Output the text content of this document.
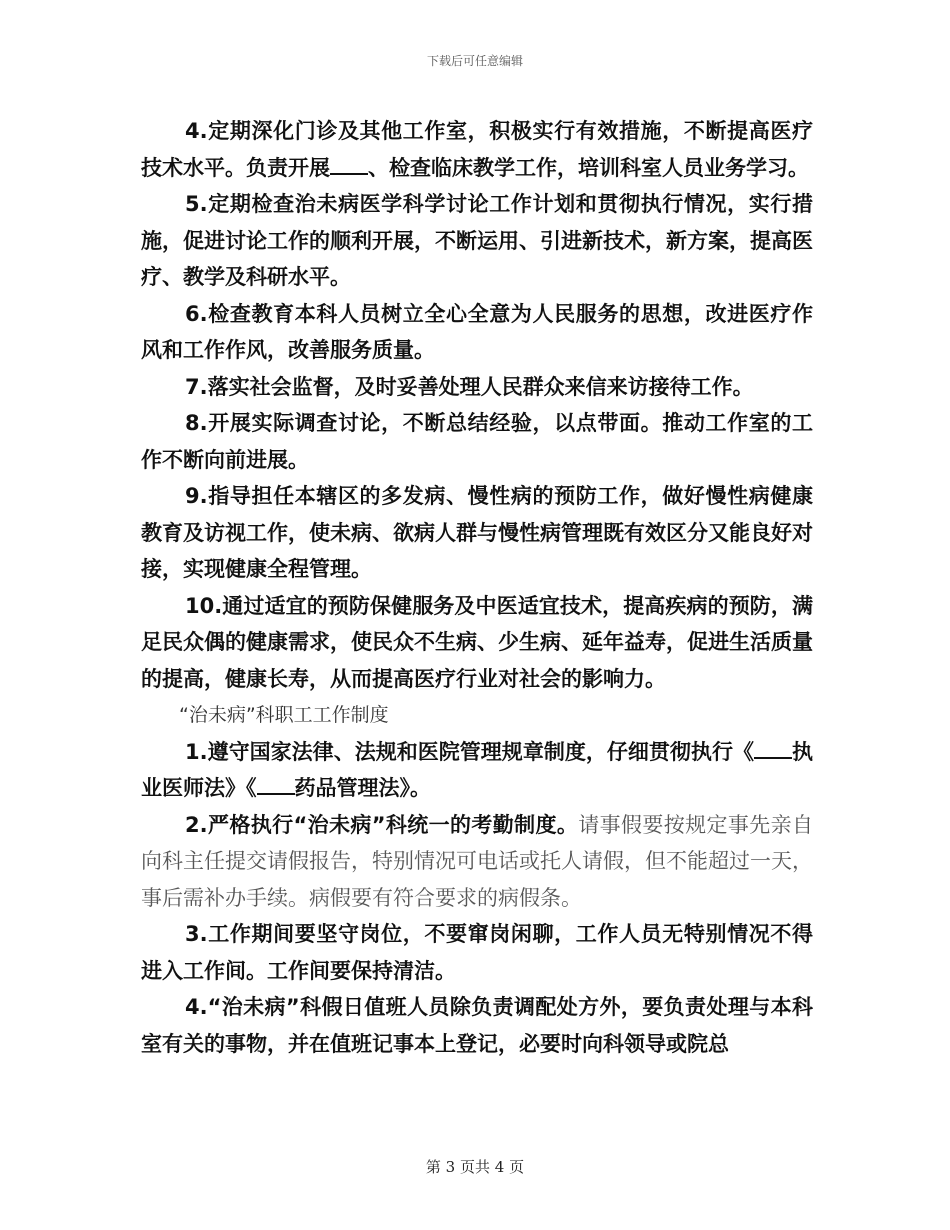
下载后可任意编辑

4.定期深化门诊及其他工作室，积极实行有效措施，不断提高医疗技术水平。负责开展 、检查临床教学工作，培训科室人员业务学习。

5.定期检查治未病医学科学讨论工作计划和贯彻执行情况，实行措施，促进讨论工作的顺利开展，不断运用、引进新技术，新方案，提高医疗、教学及科研水平。

6.检查教育本科人员树立全心全意为人民服务的思想，改进医疗作风和工作作风，改善服务质量。

7.落实社会监督，及时妥善处理人民群众来信来访接待工作。

8.开展实际调查讨论，不断总结经验，以点带面。推动工作室的工作不断向前进展。

9.指导担任本辖区的多发病、慢性病的预防工作，做好慢性病健康教育及访视工作，使未病、欲病人群与慢性病管理既有效区分又能良好对接，实现健康全程管理。

10.通过适宜的预防保健服务及中医适宜技术，提高疾病的预防，满足民众偶的健康需求，使民众不生病、少生病、延年益寿，促进生活质量的提高，健康长寿，从而提高医疗行业对社会的影响力。

“治未病”科职工工作制度

1.遵守国家法律、法规和医院管理规章制度，仔细贯彻执行《 执业医师法》《 药品管理法》。

2.严格执行“治未病”科统一的考勤制度。请事假要按规定事先亲自向科主任提交请假报告，特别情况可电话或托人请假，但不能超过一天，事后需补办手续。病假要有符合要求的病假条。

3.工作期间要坚守岗位，不要窜岗闲聊，工作人员无特别情况不得进入工作间。工作间要保持清洁。

4.“治未病”科假日值班人员除负责调配处方外，要负责处理与本科室有关的事物，并在值班记事本上登记，必要时向科领导或院总

第 3 页共 4 页
